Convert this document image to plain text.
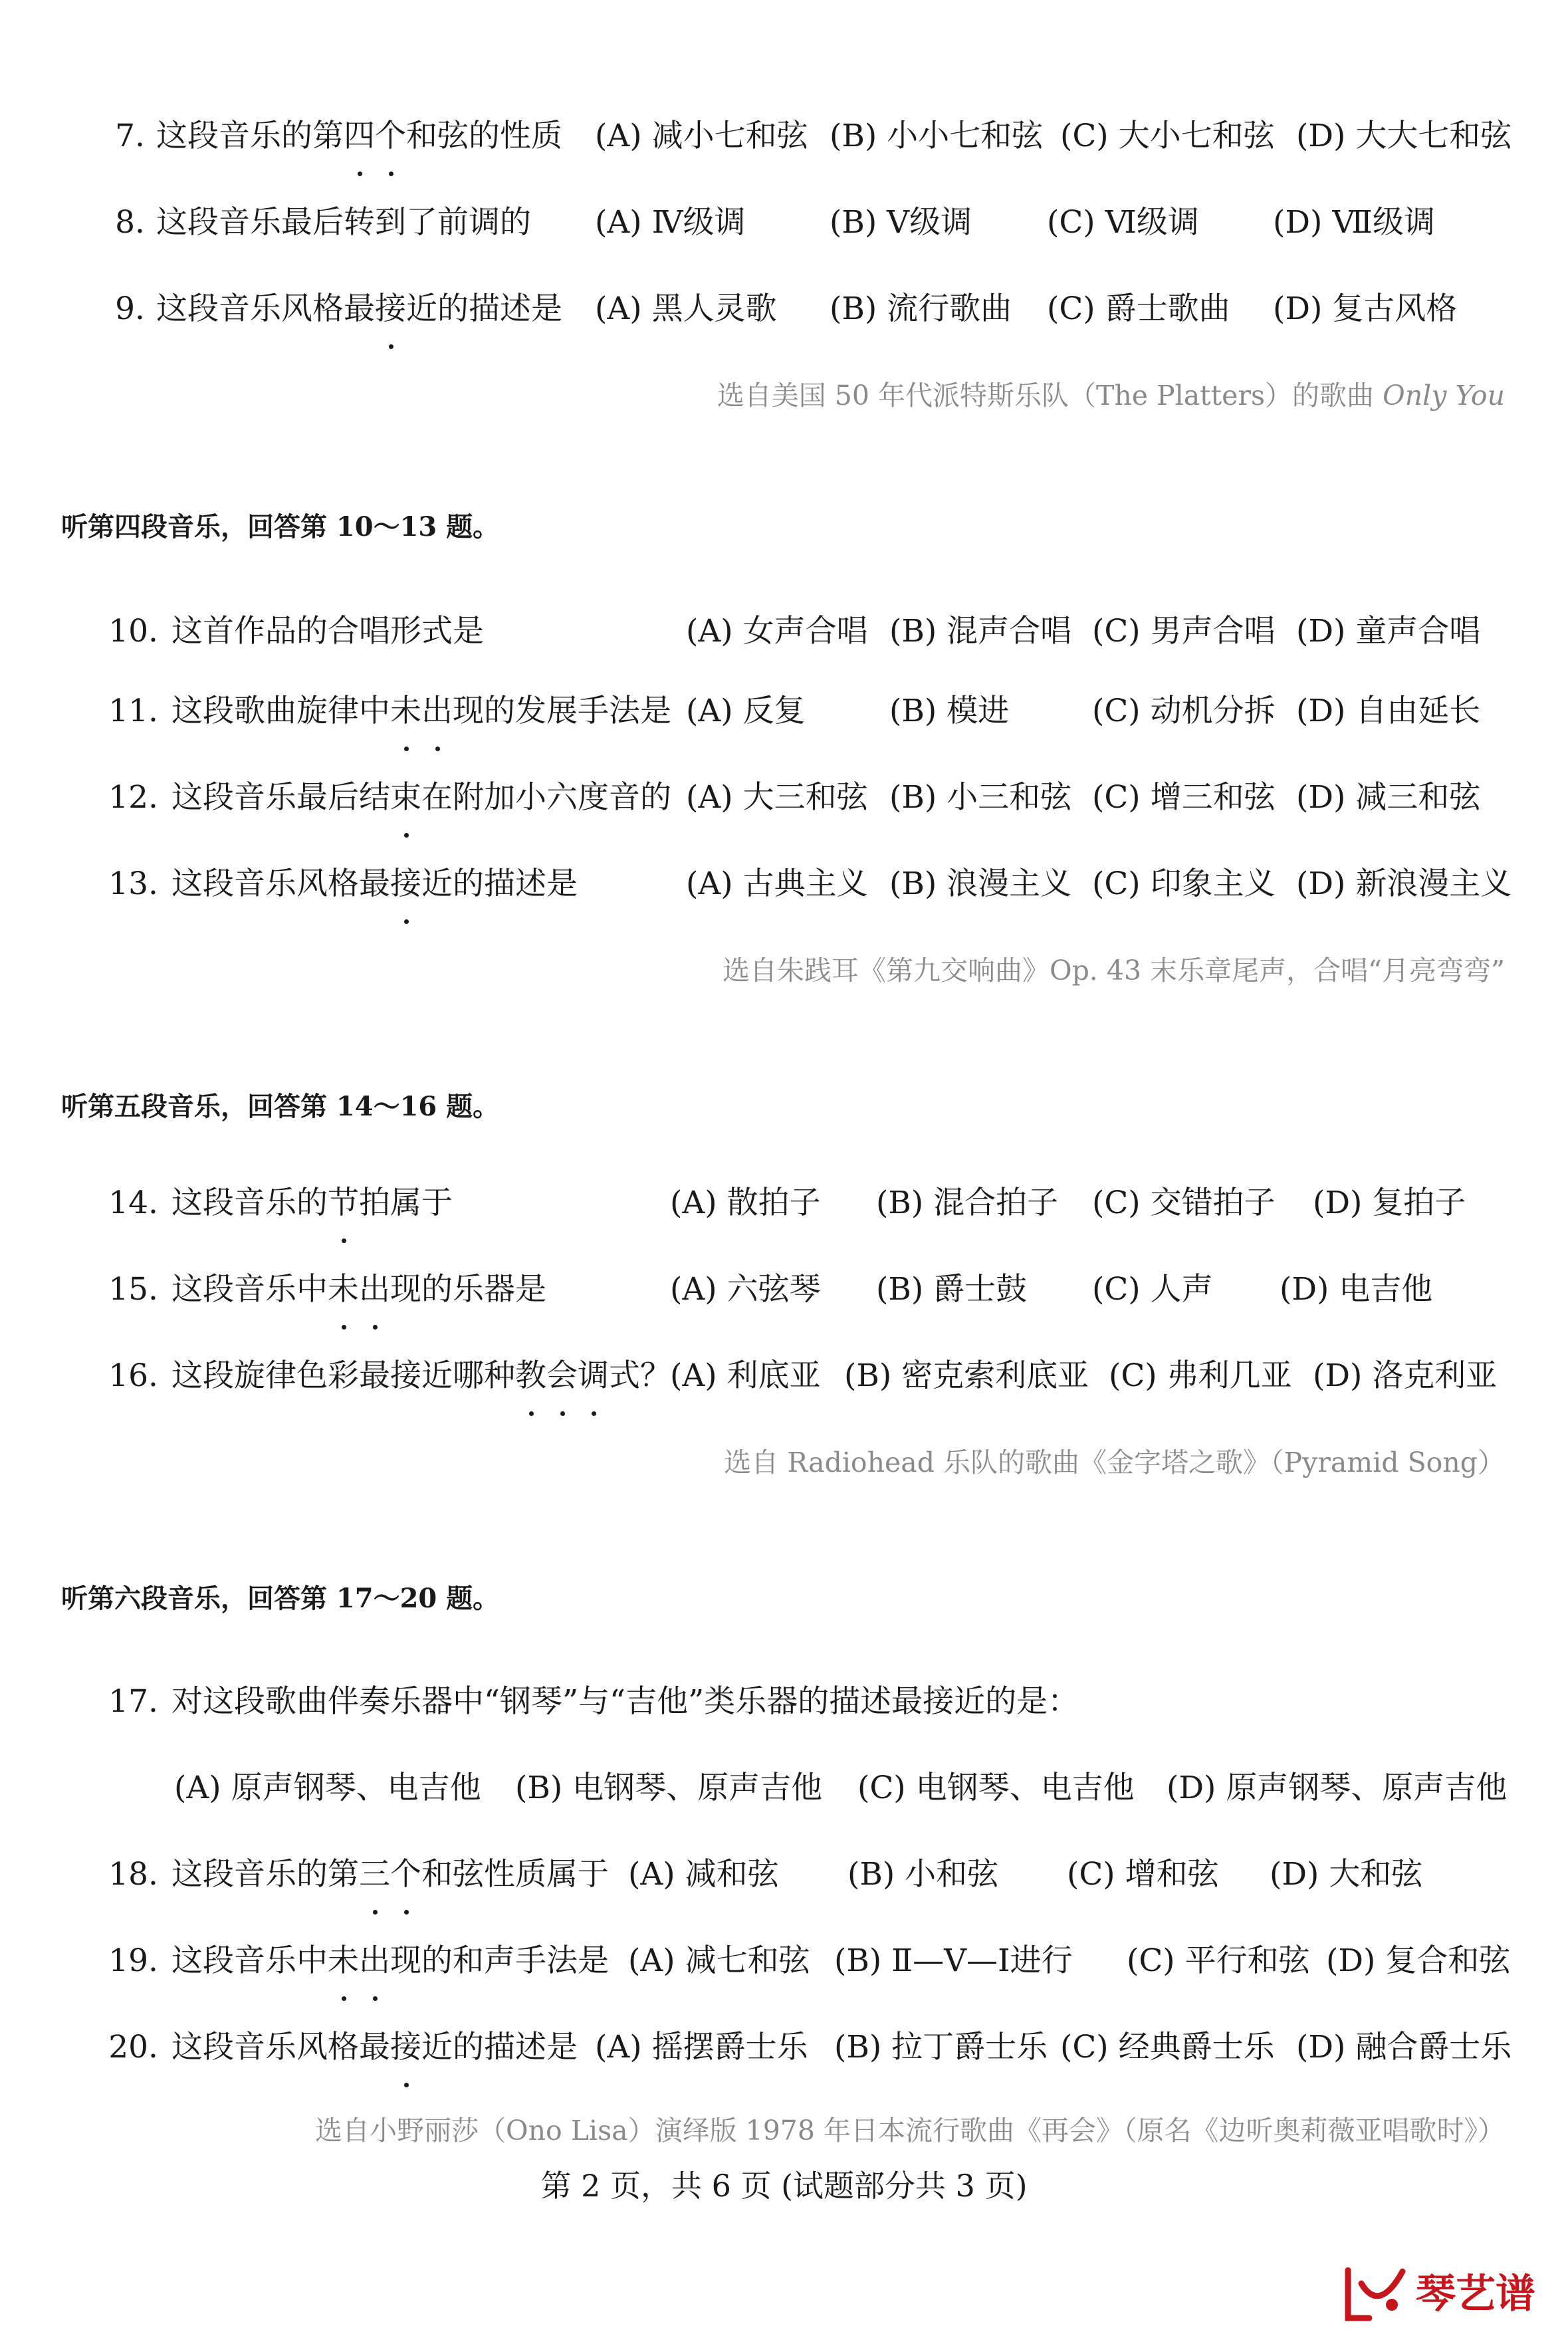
7. 这段音乐的第四个和弦的性质 (A) 减小七和弦 (B) 小小七和弦 (C) 大小七和弦 (D) 大大七和弦
8. 这段音乐最后转到了前调的 (A) Ⅳ级调	(B) Ⅴ级调 (C) Ⅵ级调 (D) Ⅶ级调
9. 这段音乐风格最接近的描述是 (A) 黑人灵歌 (B) 流行歌曲 (C) 爵士歌曲 (D) 复古风格
选自美国 50 年代派特斯乐队（The Platters）的歌曲 Only You
听第四段音乐，回答第 10～13 题。
10. 这首作品的合唱形式是	(A) 女声合唱 (B) 混声合唱 (C) 男声合唱 (D) 童声合唱
11. 这段歌曲旋律中未出现的发展手法是 (A) 反复	(B) 模进	(C) 动机分拆 (D) 自由延长
12. 这段音乐最后结束在附加小六度音的 (A) 大三和弦 (B) 小三和弦 (C) 增三和弦 (D) 减三和弦
13. 这段音乐风格最接近的描述是	(A) 古典主义 (B) 浪漫主义 (C) 印象主义 (D) 新浪漫主义
选自朱践耳《第九交响曲》Op. 43 末乐章尾声，合唱“月亮弯弯”
听第五段音乐，回答第 14～16 题。
14. 这段音乐的节拍属于	(A) 散拍子 (B) 混合拍子 (C) 交错拍子 (D) 复拍子
15. 这段音乐中未出现的乐器是	(A) 六弦琴 (B) 爵士鼓 (C) 人声 (D) 电吉他
16. 这段旋律色彩最接近哪种教会调式？
(A) 利底亚 (B) 密克索利底亚 (C) 弗利几亚 (D) 洛克利亚
选自 Radiohead 乐队的歌曲《金字塔之歌》（Pyramid Song）
听第六段音乐，回答第 17～20 题。
17. 对这段歌曲伴奏乐器中“钢琴”与“吉他”类乐器的描述最接近的是：
(A) 原声钢琴、电吉他 (B) 电钢琴、原声吉他 (C) 电钢琴、电吉他 (D) 原声钢琴、原声吉他
18. 这段音乐的第三个和弦性质属于 (A) 减和弦 (B) 小和弦 (C) 增和弦 (D) 大和弦
19. 这段音乐中未出现的和声手法是 (A) 减七和弦 (B) Ⅱ—Ⅴ—Ⅰ进行 (C) 平行和弦 (D) 复合和弦
20. 这段音乐风格最接近的描述是 (A) 摇摆爵士乐 (B) 拉丁爵士乐 (C) 经典爵士乐 (D) 融合爵士乐
选自小野丽莎（Ono Lisa）演绎版 1978 年日本流行歌曲《再会》（原名《边听奥莉薇亚唱歌时》）
第 2 页，共 6 页 (试题部分共 3 页)
琴艺谱
